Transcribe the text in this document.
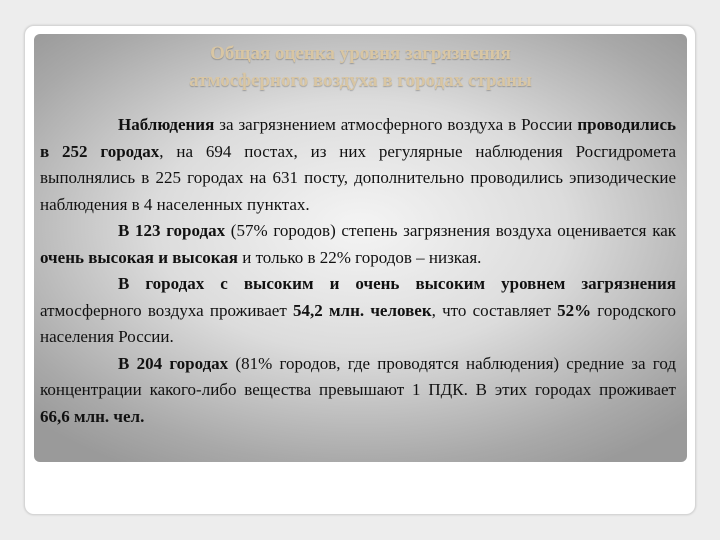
Общая оценка уровня загрязнения
атмосферного воздуха в городах страны

Наблюдения за загрязнением атмосферного воздуха в России проводились в 252 городах, на 694 постах, из них регулярные наблюдения Росгидромета выполнялись в 225 городах на 631 посту, дополнительно проводились эпизодические наблюдения в 4 населенных пунктах.

В 123 городах (57% городов) степень загрязнения воздуха оценивается как очень высокая и высокая и только в 22% городов – низкая.

В городах с высоким и очень высоким уровнем загрязнения атмосферного воздуха проживает 54,2 млн. человек, что составляет 52% городского населения России.

В 204 городах (81% городов, где проводятся наблюдения) средние за год концентрации какого-либо вещества превышают 1 ПДК. В этих городах проживает 66,6 млн. чел.
